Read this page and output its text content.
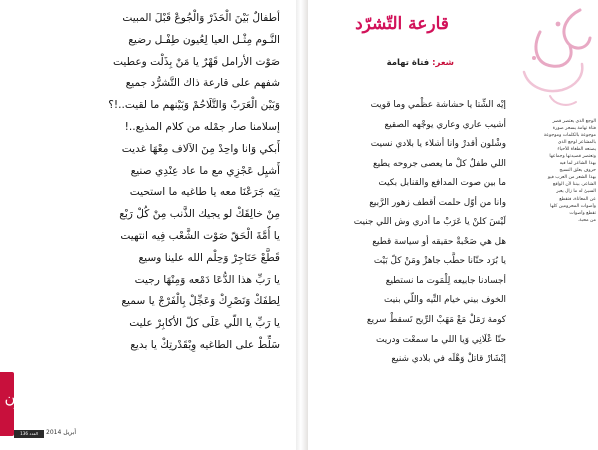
أطفالٌ بَيْنَ الْحَذَرْ وَالْجُوعْ قَبْلَ المبيت
النَّـوم مِثْـل العيا لِعُيون طِفْـل رضيع
صَوْت الأرامل قَهْرٌ يا مَنْ بِذَلْت وعطيت
شفهم على قارعة ذاك التَّشرُّد جميع
وَبَيْن الْعَرَبْ وَالتَّلَاحُمْ وَبَيْنهم ما لقيت..!؟
إسلامنا صار جمْله من كلام المذيع..!
أَبكي وَانا واحِدْ مِنَ الآلاف مِعْهَا غديت
أَشيِل عَجْزِي مع ما عاد عِنْدِي صنيع
تِيَه جَرَعْنَا معه يا طاغيه ما استحيت
مِنْ خالِقَكْ لو يجيك الذَّنب مِنْ كُلْ رَبْع
يا أُمَّةَ الْحَقّ صَوْت الشَّعْب فِيه انتهيت
قَطَّعْ حَنَاجِرْ وَحِلْم الله علينا وسيع
يا رَبِّ هذا الدُّعَا دَمْعه وَمِنْهَا رجيت
لِطفَكْ وَنَصْرِكْ وَعَجِّلْ بِالْفَرْجْ يا سميع
يا رَبِّ يا اللّي عَلَى كلّ الأكابِرْ عليت
سَلِّطْ على الطاغيه وِبْقَدْرتِكْ يا بديع
عين
AIN
42	العدد 136	أبريل 2014
قارعة التّشرّد
شعر: فتاة تهامة
الوجع الذي يعتصر قصر
فتاة تهامة يسحر صورة
موجوعة بالكلمات وموجوعة
بالمشاعر لوجع الذي
يصنعه الطغاة للأحياء
وتعتصر قصيدتها وجماعها
بهذا الشاعر لما فيه
حروف يعلق النسيج
بهذا الشعر من العرب فيو
الشاعر، بيننا لأن الواقع
السيئ له ما زال يعبر
عن المعاناة، فتقطع
وأصوات المحرومين كلها
تقطع وأصوات
من محبة.
إيْه الشِّتا يا حشاشة عظْمي وما قويت
أشيب عاري وعاري يوجْهه الصقيع
وشْلون أقدرْ وانا أشلاء يا بلادي نسيت
اللي طفلٌ كلْ ما يعصى جروحه يطيع
ما بين صوت المدافع والقنابل بكيت
وانا من أوّل حلمت أقطف زهور الرَّبيع
لَيْسَ كلنْ يا عَرَبْ ما أدري وش اللي جنيت
هل هي صَحْبةْ حقيقه أو سياسة قطيع
يا بُرَد حتّانا حطَّب جاهزْ ومَنْ كلّ بَيْت
أجسادنا جابيعه لِلْمَوت ما نستطيع
الخوف بيني خيام التِّيه واللّي بنيت
كومة رَمَلْ مَعْ مَهَبْ الرِّيح تَسقطْ سريع
حتّا عْلَانِي وَيا اللي ما سمعْت ودريت
إبْشَارْ قاتلْ وَهْلَه في بلادي شنيع
